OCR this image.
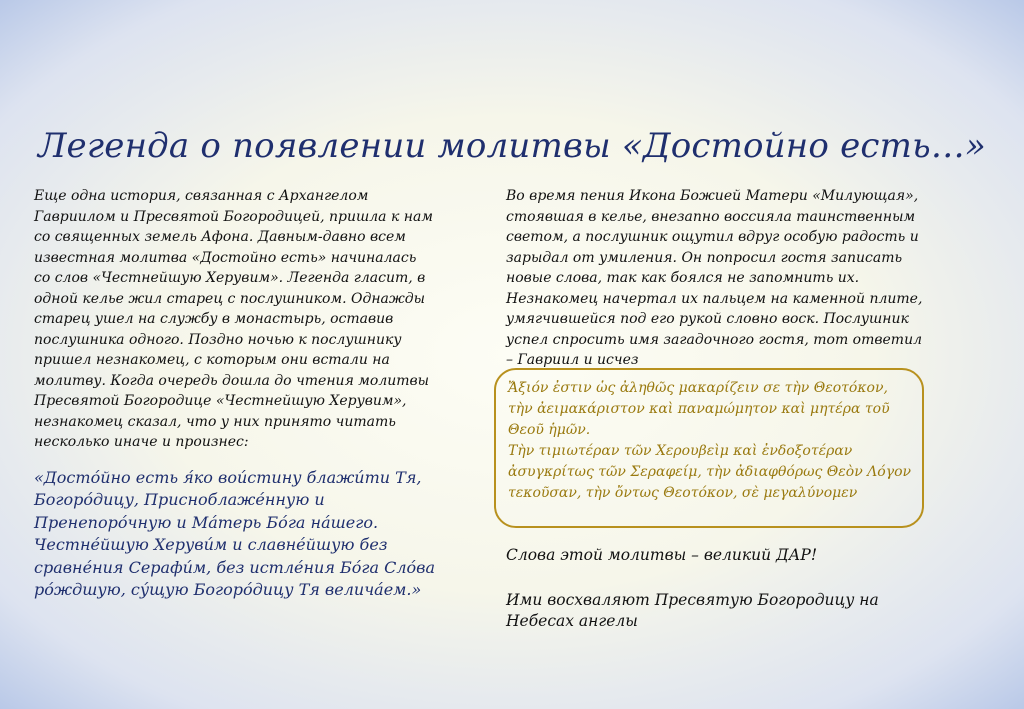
Легенда о появлении молитвы «Достойно есть…»

Еще одна история, связанная с Архангелом Гавриилом и Пресвятой Богородицей, пришла к нам со священных земель Афона. Давным-давно всем известная молитва «Достойно есть» начиналась со слов «Честнейшую Херувим». Легенда гласит, в одной келье жил старец с послушником. Однажды старец ушел на службу в монастырь, оставив послушника одного. Поздно ночью к послушнику пришел незнакомец, с которым они встали на молитву. Когда очередь дошла до чтения молитвы Пресвятой Богородице «Честнейшую Херувим», незнакомец сказал, что у них принято читать несколько иначе и произнес:

«Досто́йно есть я́ко вои́стину блажи́ти Тя, Богоро́дицу, Присноблаже́нную и Пренепоро́чную и Ма́терь Бо́га на́шего. Честне́йшую Херуви́м и славне́йшую без сравне́ния Серафи́м, без истле́ния Бо́га Сло́ва ро́ждшую, су́щую Богоро́дицу Тя велича́ем.»

Во время пения Икона Божией Матери «Милующая», стоявшая в келье, внезапно воссияла таинственным светом, а послушник ощутил вдруг особую радость и зарыдал от умиления. Он попросил гостя записать новые слова, так как боялся не запомнить их. Незнакомец начертал их пальцем на каменной плите, умягчившейся под его рукой словно воск. Послушник успел спросить имя загадочного гостя, тот ответил – Гавриил и исчез

Ἄξιόν ἐστιν ὡς ἀληθῶς μακαρίζειν σε τὴν Θεοτόκον, τὴν ἀειμακάριστον καὶ παναμώμητον καὶ μητέρα τοῦ Θεοῦ ἡμῶν.

Τὴν τιμιωτέραν τῶν Χερουβεὶμ καὶ ἐνδοξοτέραν ἀσυγκρίτως τῶν Σεραφείμ, τὴν ἀδιαφθόρως Θεὸν Λόγον τεκοῦσαν, τὴν ὄντως Θεοτόκον, σὲ μεγαλύνομεν

Слова этой молитвы – великий ДАР!

Ими восхваляют Пресвятую Богородицу на Небесах ангелы
